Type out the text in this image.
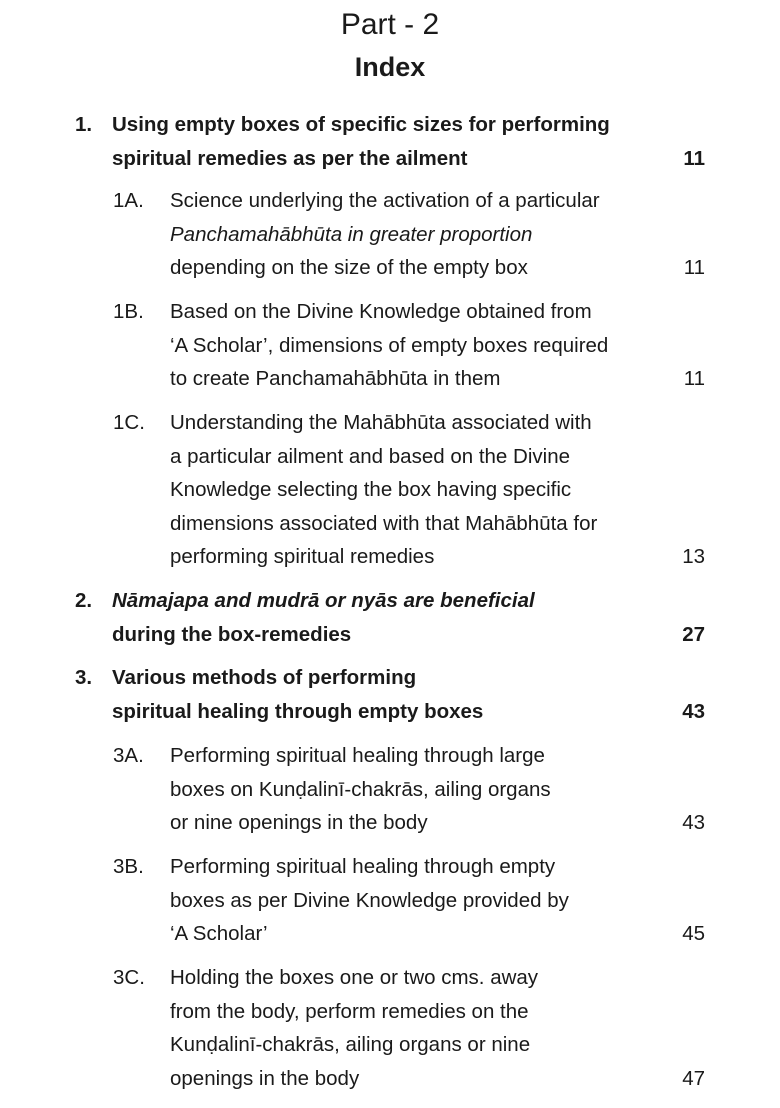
Part - 2
Index
1. Using empty boxes of specific sizes for performing
spiritual remedies as per the ailment	11
1A. Science underlying the activation of a particular
Panchamahābhūta in greater proportion
depending on the size of the empty box	11
1B. Based on the Divine Knowledge obtained from
‘A Scholar’, dimensions of empty boxes required
to create Panchamahābhūta in them	11
1C. Understanding the Mahābhūta associated with
a particular ailment and based on the Divine
Knowledge selecting the box having specific
dimensions associated with that Mahābhūta for
performing spiritual remedies	13
2. Nāmajapa and mudrā or nyās are beneficial
during the box-remedies	27
3. Various methods of performing
spiritual healing through empty boxes	43
3A. Performing spiritual healing through large
boxes on Kunḍalinī-chakrās, ailing organs
or nine openings in the body	43
3B. Performing spiritual healing through empty
boxes as per Divine Knowledge provided by
‘A Scholar’	45
3C. Holding the boxes one or two cms. away
from the body, perform remedies on the
Kunḍalinī-chakrās, ailing organs or nine
openings in the body	47
